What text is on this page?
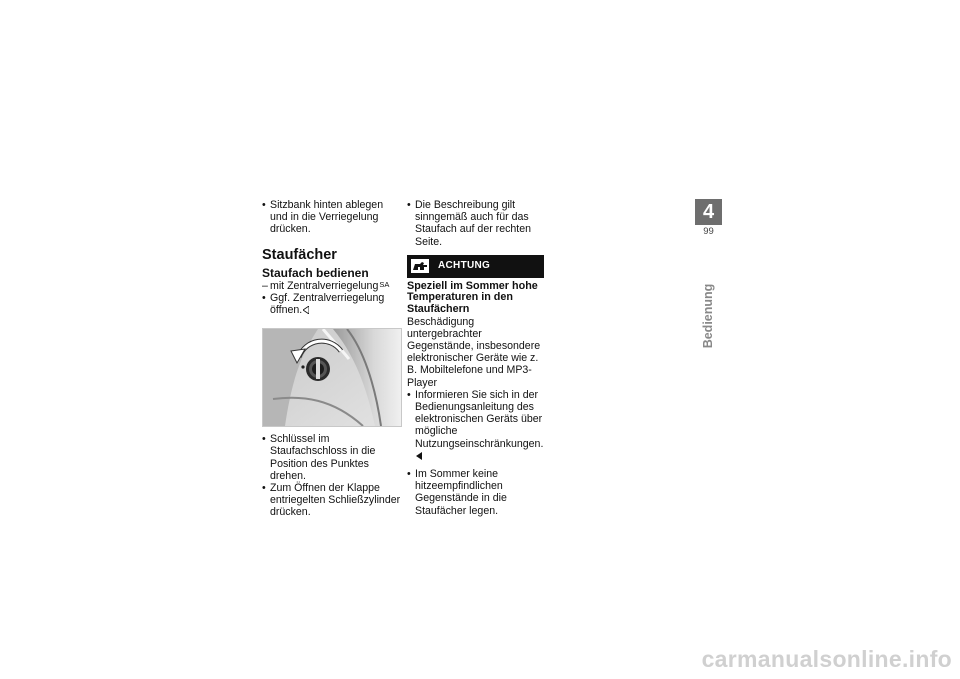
• Sitzbank hinten ablegen und in die Verriegelung drücken.
Staufächer
Staufach bedienen
– mit Zentralverriegelung$^{SA}$
• Ggf. Zentralverriegelung öffnen.
• Schlüssel im Staufachschloss in die Position des Punktes drehen.
• Zum Öffnen der Klappe entriegelten Schließzylinder drücken.
• Die Beschreibung gilt sinngemäß auch für das Staufach auf der rechten Seite.
ACHTUNG
Speziell im Sommer hohe Temperaturen in den Staufächern
Beschädigung untergebrachter Gegenstände, insbesondere elektronischer Geräte wie z. B. Mobiltelefone und MP3-Player
• Informieren Sie sich in der Bedienungsanleitung des elektronischen Geräts über mögliche Nutzungseinschränkungen.
• Im Sommer keine hitzeempfindlichen Gegenstände in die Staufächer legen.
4
99
Bedienung
carmanualsonline.info
